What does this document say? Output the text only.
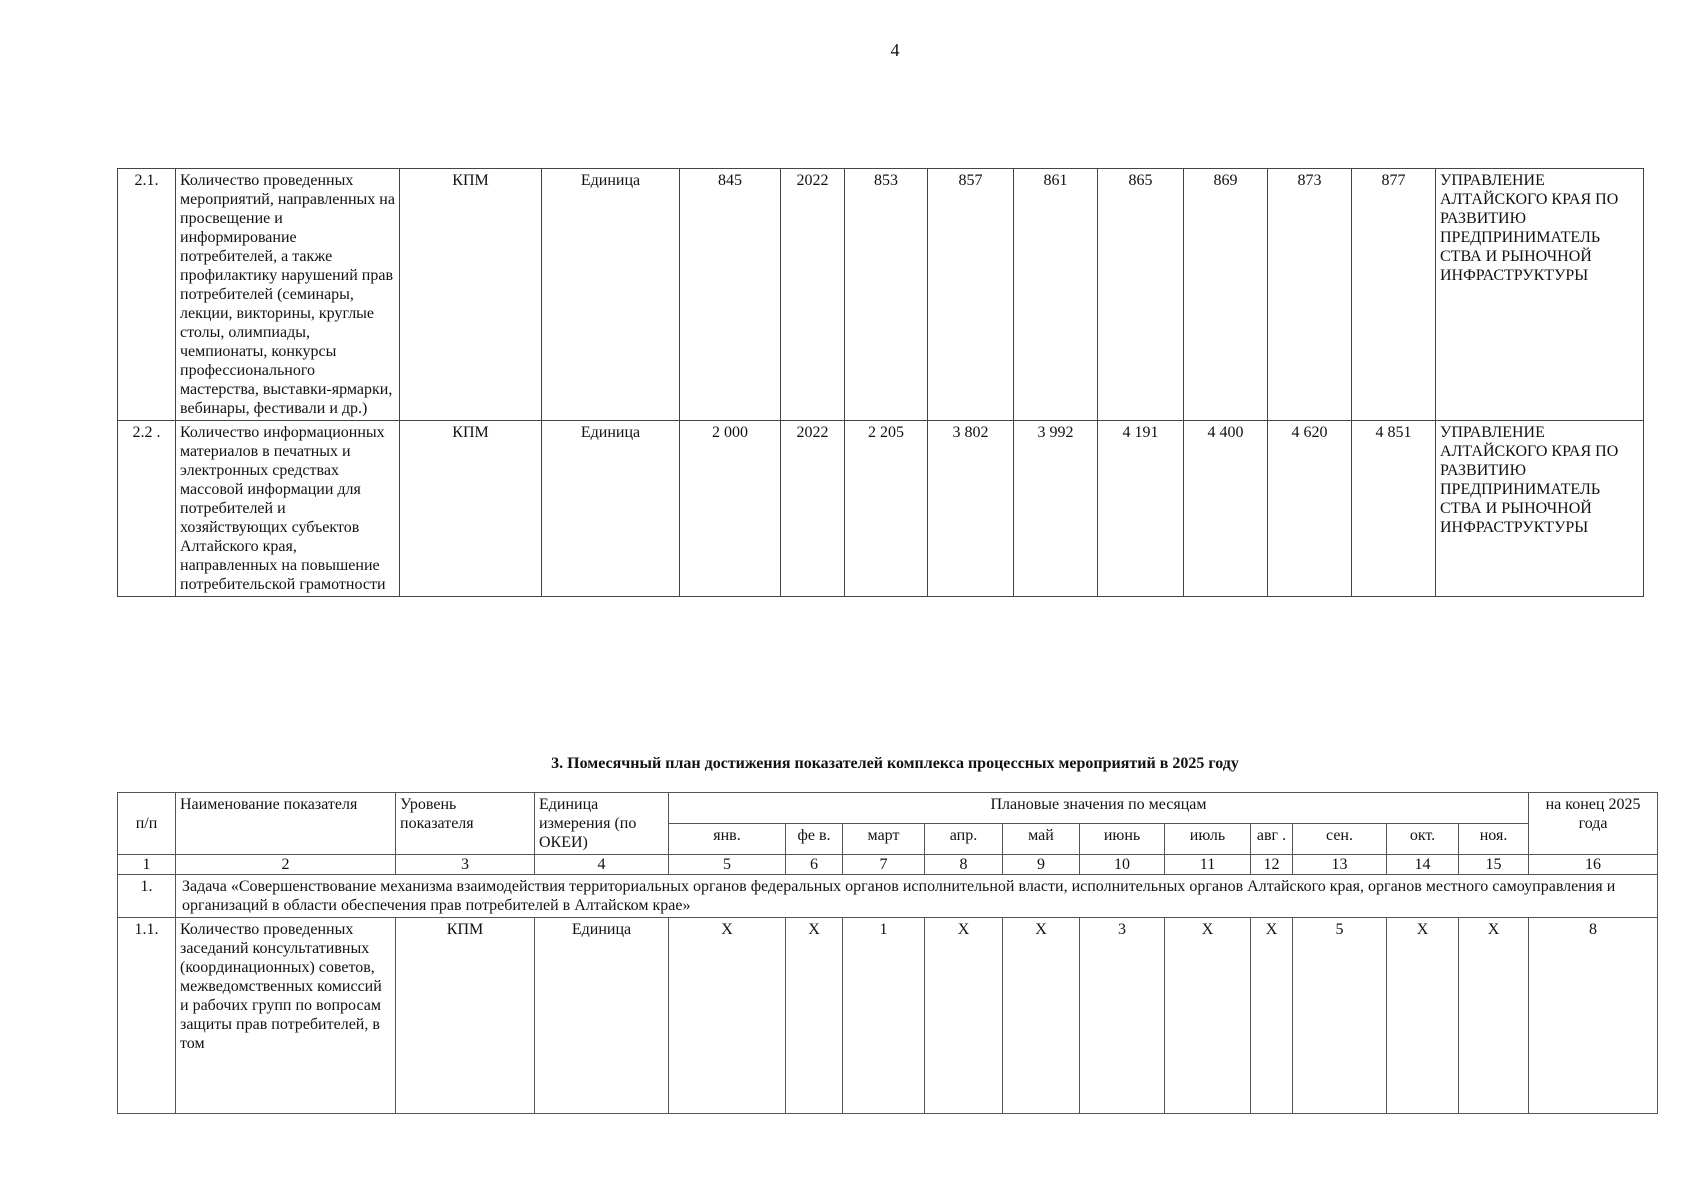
4
2.1.	Количество проведенных мероприятий, направленных на просвещение и информирование потребителей, а также профилактику нарушений прав потребителей (семинары, лекции, викторины, круглые столы, олимпиады, чемпионаты, конкурсы профессионального мастерства, выставки-ярмарки, вебинары, фестивали и др.)	КПМ	Единица	845	2022	853	857	861	865	869	873	877	УПРАВЛЕНИЕ АЛТАЙСКОГО КРАЯ ПО РАЗВИТИЮ ПРЕДПРИНИМАТЕЛЬ СТВА И РЫНОЧНОЙ ИНФРАСТРУКТУРЫ
2.2 .	Количество информационных материалов в печатных и электронных средствах массовой информации для потребителей и хозяйствующих субъектов Алтайского края, направленных на повышение потребительской грамотности	КПМ	Единица	2 000	2022	2 205	3 802	3 992	4 191	4 400	4 620	4 851	УПРАВЛЕНИЕ АЛТАЙСКОГО КРАЯ ПО РАЗВИТИЮ ПРЕДПРИНИМАТЕЛЬ СТВА И РЫНОЧНОЙ ИНФРАСТРУКТУРЫ
3. Помесячный план достижения показателей комплекса процессных мероприятий в 2025 году
п/п	Наименование показателя	Уровень показателя	Единица измерения (по ОКЕИ)	Плановые значения по месяцам											на конец 2025 года
				янв.	фе в.	март	апр.	май	июнь	июль	авг .	сен.	окт.	ноя.	
1	2	3	4	5	6	7	8	9	10	11	12	13	14	15	16
1.	Задача «Совершенствование механизма взаимодействия территориальных органов федеральных органов исполнительной власти, исполнительных органов Алтайского края, органов местного самоуправления и организаций в области обеспечения прав потребителей в Алтайском крае»														
1.1.	Количество проведенных заседаний консультативных (координационных) советов, межведомственных комиссий и рабочих групп по вопросам защиты прав потребителей, в том	КПМ	Единица	X	X	1	X	X	3	X	X	5	X	X	8
